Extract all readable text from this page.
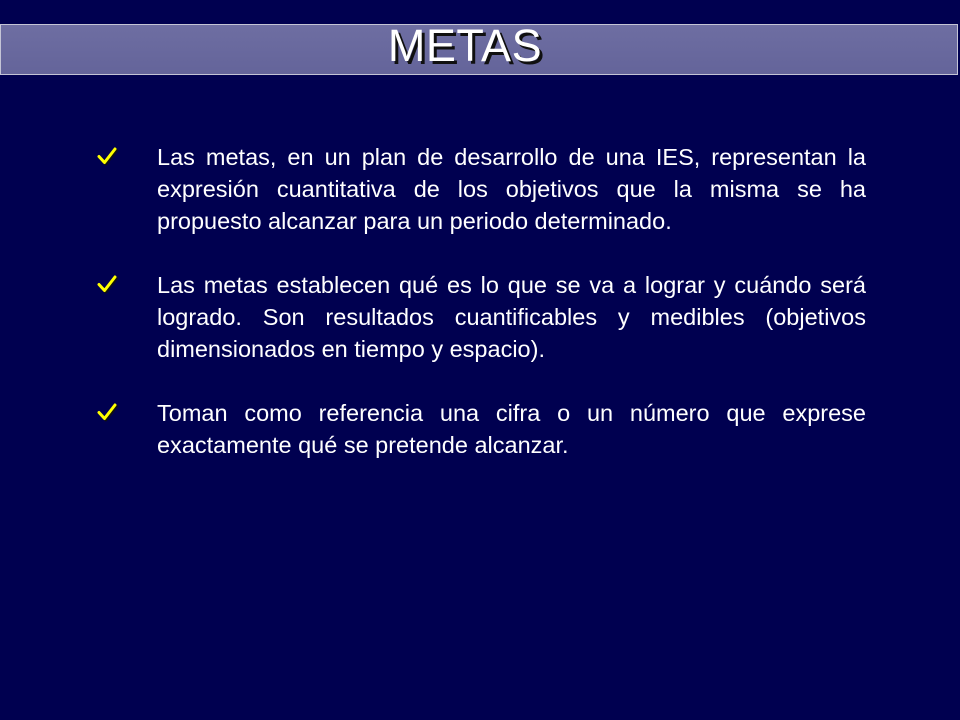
METAS
Las metas, en un plan de desarrollo de una IES, representan la expresión cuantitativa de los objetivos que la misma se ha propuesto alcanzar para un periodo determinado.
Las metas establecen qué es lo que se va a lograr y cuándo será logrado. Son resultados cuantificables y medibles (objetivos dimensionados en tiempo y espacio).
Toman como referencia una cifra o un número que exprese exactamente qué se pretende alcanzar.
